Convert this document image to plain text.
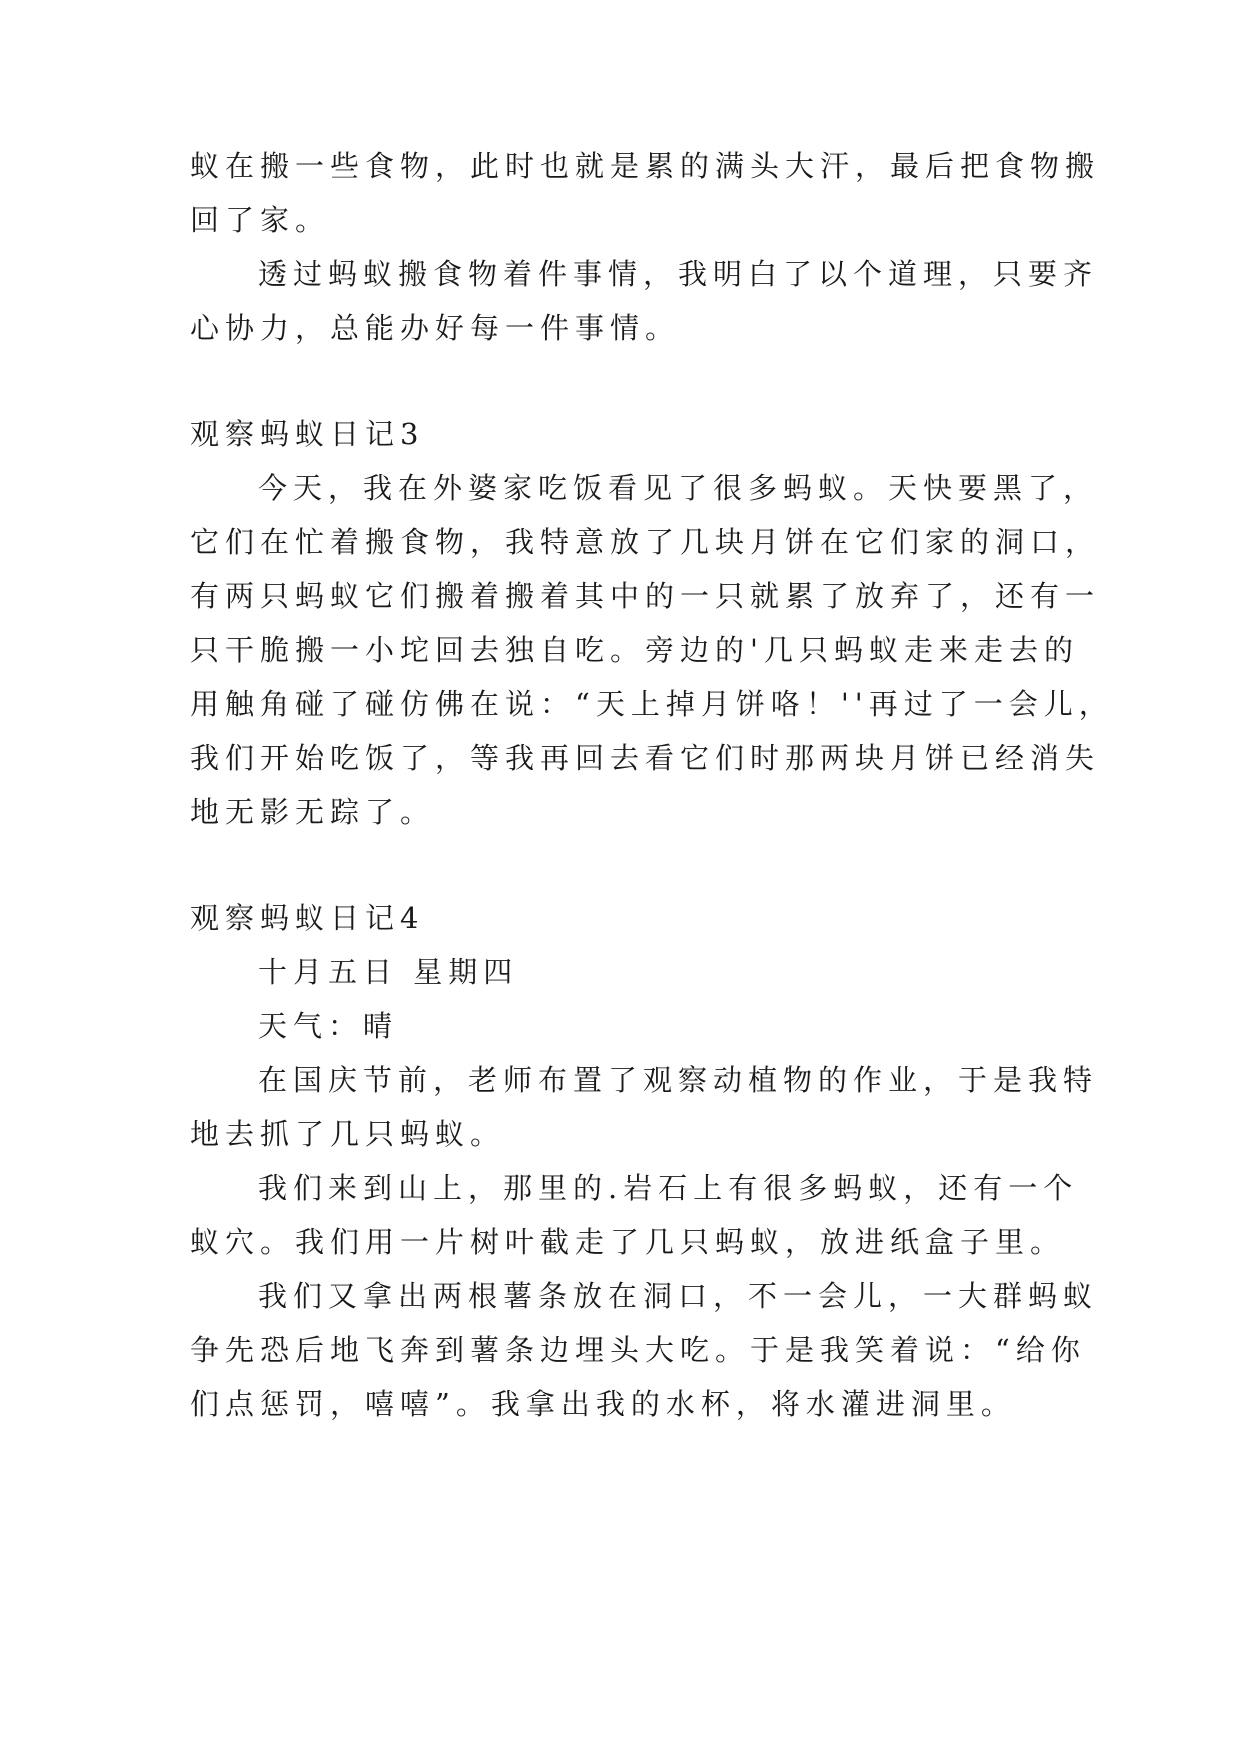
蚁在搬一些食物，此时也就是累的满头大汗，最后把食物搬
回了家。
透过蚂蚁搬食物着件事情，我明白了以个道理，只要齐
心协力，总能办好每一件事情。
观察蚂蚁日记3
今天，我在外婆家吃饭看见了很多蚂蚁。天快要黑了，
它们在忙着搬食物，我特意放了几块月饼在它们家的洞口，
有两只蚂蚁它们搬着搬着其中的一只就累了放弃了，还有一
只干脆搬一小坨回去独自吃。旁边的'几只蚂蚁走来走去的
用触角碰了碰仿佛在说：“天上掉月饼咯！''再过了一会儿，
我们开始吃饭了，等我再回去看它们时那两块月饼已经消失
地无影无踪了。
观察蚂蚁日记4
十月五日 星期四
天气：晴
在国庆节前，老师布置了观察动植物的作业，于是我特
地去抓了几只蚂蚁。
我们来到山上，那里的.岩石上有很多蚂蚁，还有一个
蚁穴。我们用一片树叶截走了几只蚂蚁，放进纸盒子里。
我们又拿出两根薯条放在洞口，不一会儿，一大群蚂蚁
争先恐后地飞奔到薯条边埋头大吃。于是我笑着说：“给你
们点惩罚，嘻嘻”。我拿出我的水杯，将水灌进洞里。
